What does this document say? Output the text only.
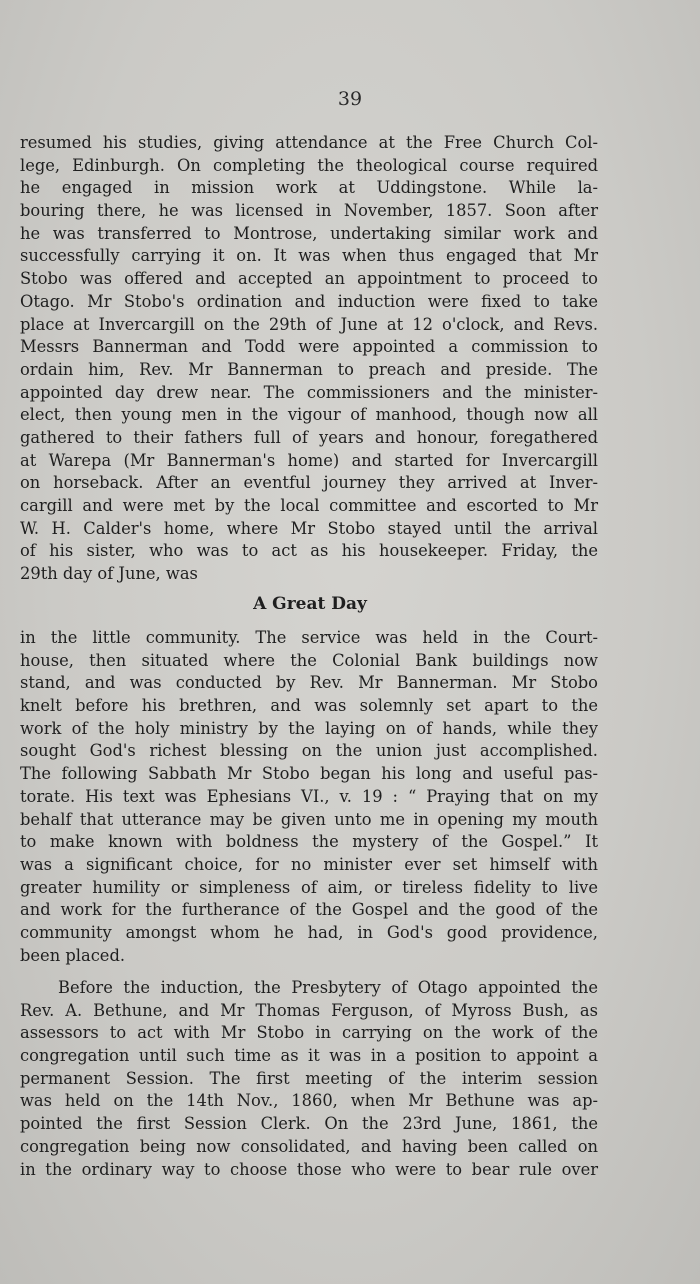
39

resumed his studies, giving attendance at the Free Church Col-
lege, Edinburgh. On completing the theological course required
he engaged in mission work at Uddingstone. While la-
bouring there, he was licensed in November, 1857. Soon after
he was transferred to Montrose, undertaking similar work and
successfully carrying it on. It was when thus engaged that Mr
Stobo was offered and accepted an appointment to proceed to
Otago. Mr Stobo's ordination and induction were fixed to take
place at Invercargill on the 29th of June at 12 o'clock, and Revs.
Messrs Bannerman and Todd were appointed a commission to
ordain him, Rev. Mr Bannerman to preach and preside. The
appointed day drew near. The commissioners and the minister-
elect, then young men in the vigour of manhood, though now all
gathered to their fathers full of years and honour, foregathered
at Warepa (Mr Bannerman's home) and started for Invercargill
on horseback. After an eventful journey they arrived at Inver-
cargill and were met by the local committee and escorted to Mr
W. H. Calder's home, where Mr Stobo stayed until the arrival
of his sister, who was to act as his housekeeper. Friday, the
29th day of June, was
A Great Day
in the little community. The service was held in the Court-
house, then situated where the Colonial Bank buildings now
stand, and was conducted by Rev. Mr Bannerman. Mr Stobo
knelt before his brethren, and was solemnly set apart to the
work of the holy ministry by the laying on of hands, while they
sought God's richest blessing on the union just accomplished.
The following Sabbath Mr Stobo began his long and useful pas-
torate. His text was Ephesians VI., v. 19 : “ Praying that on my
behalf that utterance may be given unto me in opening my mouth
to make known with boldness the mystery of the Gospel.” It
was a significant choice, for no minister ever set himself with
greater humility or simpleness of aim, or tireless fidelity to live
and work for the furtherance of the Gospel and the good of the
community amongst whom he had, in God's good providence,
been placed.
Before the induction, the Presbytery of Otago appointed the
Rev. A. Bethune, and Mr Thomas Ferguson, of Myross Bush, as
assessors to act with Mr Stobo in carrying on the work of the
congregation until such time as it was in a position to appoint a
permanent Session. The first meeting of the interim session
was held on the 14th Nov., 1860, when Mr Bethune was ap-
pointed the first Session Clerk. On the 23rd June, 1861, the
congregation being now consolidated, and having been called on
in the ordinary way to choose those who were to bear rule over
